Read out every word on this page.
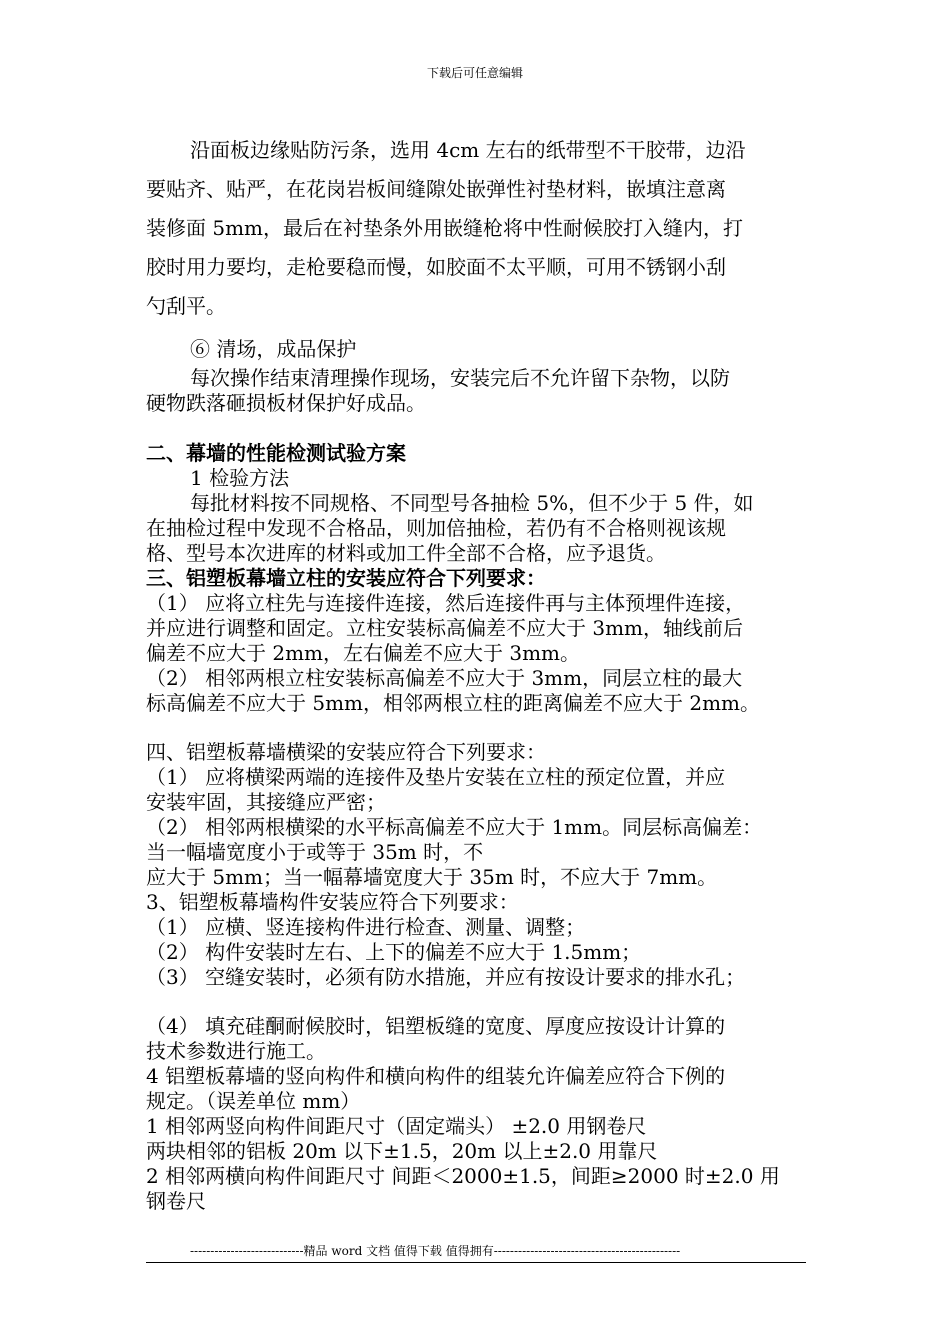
下载后可任意编辑
沿面板边缘贴防污条，选用 4cm 左右的纸带型不干胶带，边沿
要贴齐、贴严，在花岗岩板间缝隙处嵌弹性衬垫材料，嵌填注意离
装修面 5mm，最后在衬垫条外用嵌缝枪将中性耐候胶打入缝内，打
胶时用力要均，走枪要稳而慢，如胶面不太平顺，可用不锈钢小刮
勺刮平。
⑥ 清场，成品保护
每次操作结束清理操作现场，安装完后不允许留下杂物，以防
硬物跌落砸损板材保护好成品。
二、幕墙的性能检测试验方案
1 检验方法
每批材料按不同规格、不同型号各抽检 5%，但不少于 5 件，如
在抽检过程中发现不合格品，则加倍抽检，若仍有不合格则视该规
格、型号本次进库的材料或加工件全部不合格，应予退货。
三、铝塑板幕墙立柱的安装应符合下列要求：
（1） 应将立柱先与连接件连接，然后连接件再与主体预埋件连接，
并应进行调整和固定。立柱安装标高偏差不应大于 3mm，轴线前后
偏差不应大于 2mm，左右偏差不应大于 3mm。
（2） 相邻两根立柱安装标高偏差不应大于 3mm，同层立柱的最大
标高偏差不应大于 5mm，相邻两根立柱的距离偏差不应大于 2mm。
四、铝塑板幕墙横梁的安装应符合下列要求：
（1） 应将横梁两端的连接件及垫片安装在立柱的预定位置，并应
安装牢固，其接缝应严密；
（2） 相邻两根横梁的水平标高偏差不应大于 1mm。同层标高偏差：
当一幅墙宽度小于或等于 35m 时，不
应大于 5mm；当一幅幕墙宽度大于 35m 时，不应大于 7mm。
3、铝塑板幕墙构件安装应符合下列要求：
（1） 应横、竖连接构件进行检查、测量、调整；
（2） 构件安装时左右、上下的偏差不应大于 1.5mm；
（3） 空缝安装时，必须有防水措施，并应有按设计要求的排水孔；
（4） 填充硅酮耐候胶时，铝塑板缝的宽度、厚度应按设计计算的
技术参数进行施工。
4 铝塑板幕墙的竖向构件和横向构件的组装允许偏差应符合下例的
规定。（误差单位 mm）
1 相邻两竖向构件间距尺寸（固定端头） ±2.0 用钢卷尺
两块相邻的铝板 20m 以下±1.5，20m 以上±2.0 用靠尺
2 相邻两横向构件间距尺寸 间距＜2000±1.5，间距≥2000 时±2.0 用
钢卷尺
----------------------------精品 word 文档 值得下载 值得拥有----------------------------------------------
